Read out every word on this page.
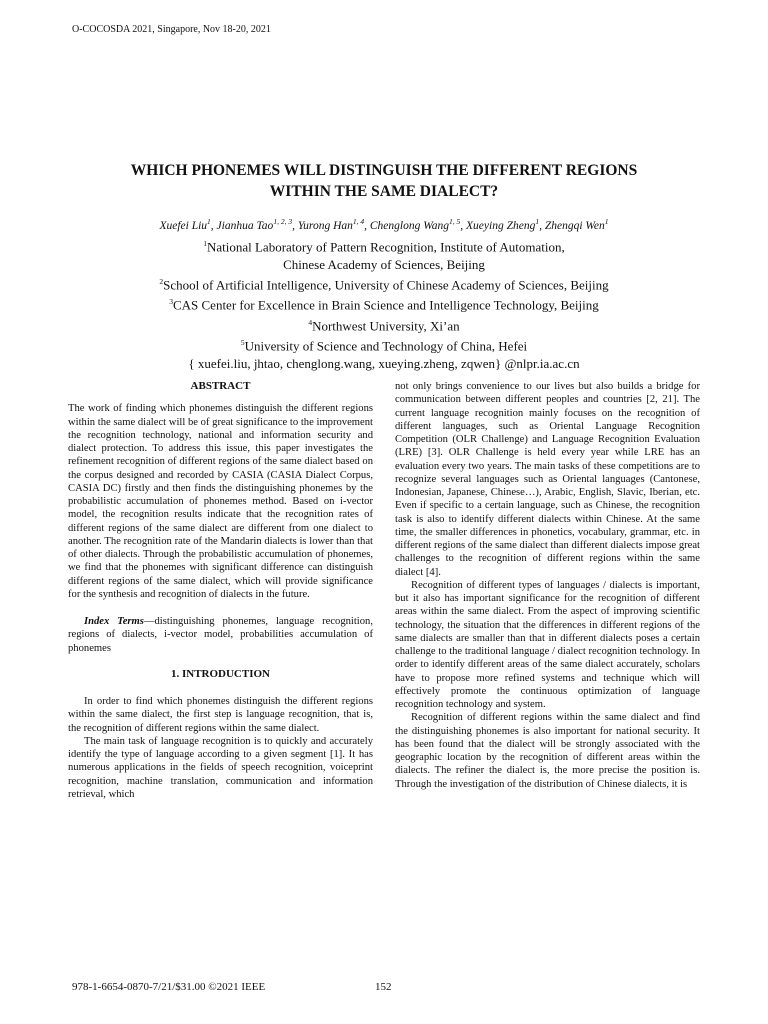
O-COCOSDA 2021, Singapore, Nov 18-20, 2021
WHICH PHONEMES WILL DISTINGUISH THE DIFFERENT REGIONS
WITHIN THE SAME DIALECT?
Xuefei Liu$^1$, Jianhua Tao$^{1, 2, 3}$, Yurong Han$^{1, 4}$, Chenglong Wang$^{1, 5}$, Xueying Zheng$^1$, Zhengqi Wen$^1$
$^1$National Laboratory of Pattern Recognition, Institute of Automation,
Chinese Academy of Sciences, Beijing
$^2$School of Artificial Intelligence, University of Chinese Academy of Sciences, Beijing
$^3$CAS Center for Excellence in Brain Science and Intelligence Technology, Beijing
$^4$Northwest University, Xi’an
$^5$University of Science and Technology of China, Hefei
{ xuefei.liu, jhtao, chenglong.wang, xueying.zheng, zqwen} @nlpr.ia.ac.cn

ABSTRACT

The work of finding which phonemes distinguish the different regions within the same dialect will be of great significance to the improvement the recognition technology, national and information security and dialect protection. To address this issue, this paper investigates the refinement recognition of different regions of the same dialect based on the corpus designed and recorded by CASIA (CASIA Dialect Corpus, CASIA DC) firstly and then finds the distinguishing phonemes by the probabilistic accumulation of phonemes method. Based on i-vector model, the recognition results indicate that the recognition rates of different regions of the same dialect are different from one dialect to another. The recognition rate of the Mandarin dialects is lower than that of other dialects. Through the probabilistic accumulation of phonemes, we find that the phonemes with significant difference can distinguish different regions of the same dialect, which will provide significance for the synthesis and recognition of dialects in the future.

Index Terms—distinguishing phonemes, language recognition, regions of dialects, i-vector model, probabilities accumulation of phonemes

1. INTRODUCTION

In order to find which phonemes distinguish the different regions within the same dialect, the first step is language recognition, that is, the recognition of different regions within the same dialect.

The main task of language recognition is to quickly and accurately identify the type of language according to a given segment [1]. It has numerous applications in the fields of speech recognition, voiceprint recognition, machine translation, communication and information retrieval, which

not only brings convenience to our lives but also builds a bridge for communication between different peoples and countries [2, 21]. The current language recognition mainly focuses on the recognition of different languages, such as Oriental Language Recognition Competition (OLR Challenge) and Language Recognition Evaluation (LRE) [3]. OLR Challenge is held every year while LRE has an evaluation every two years. The main tasks of these competitions are to recognize several languages such as Oriental languages (Cantonese, Indonesian, Japanese, Chinese…), Arabic, English, Slavic, Iberian, etc. Even if specific to a certain language, such as Chinese, the recognition task is also to identify different dialects within Chinese. At the same time, the smaller differences in phonetics, vocabulary, grammar, etc. in different regions of the same dialect than different dialects impose great challenges to the recognition of different regions within the same dialect [4].

Recognition of different types of languages / dialects is important, but it also has important significance for the recognition of different areas within the same dialect. From the aspect of improving scientific technology, the situation that the differences in different regions of the same dialects are smaller than that in different dialects poses a certain challenge to the traditional language / dialect recognition technology. In order to identify different areas of the same dialect accurately, scholars have to propose more refined systems and technique which will effectively promote the continuous optimization of language recognition technology and system.

Recognition of different regions within the same dialect and find the distinguishing phonemes is also important for national security. It has been found that the dialect will be strongly associated with the geographic location by the recognition of different areas within the dialects. The refiner the dialect is, the more precise the position is. Through the investigation of the distribution of Chinese dialects, it is

978-1-6654-0870-7/21/$31.00 ©2021 IEEE	152
